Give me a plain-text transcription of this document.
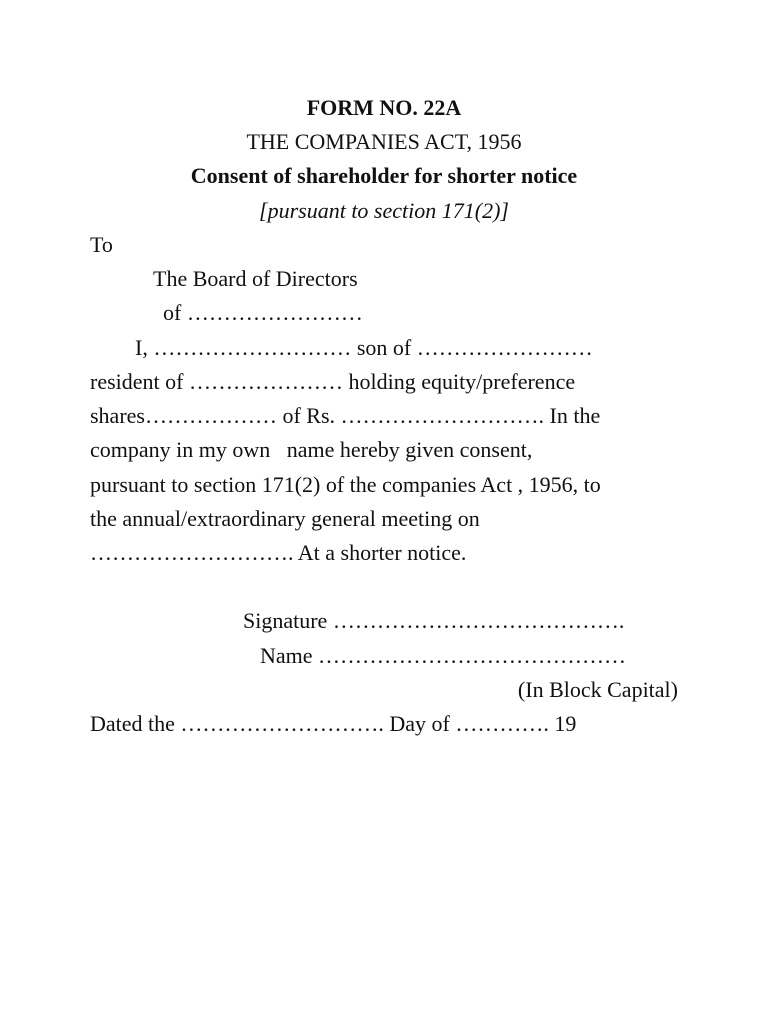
FORM NO. 22A
THE COMPANIES ACT, 1956
Consent of shareholder for shorter notice
[pursuant to section 171(2)]
To
The Board of Directors
of ……………………
I, ……………………… son of ……………………
resident of ………………… holding equity/preference
shares……………… of Rs. ………………………. In the
company in my own   name hereby given consent,
pursuant to section 171(2) of the companies Act , 1956, to
the annual/extraordinary general meeting on
………………………. At a shorter notice.
Signature ………………………………….
Name ……………………………………
(In Block Capital)
Dated the ………………………. Day of …………. 19
